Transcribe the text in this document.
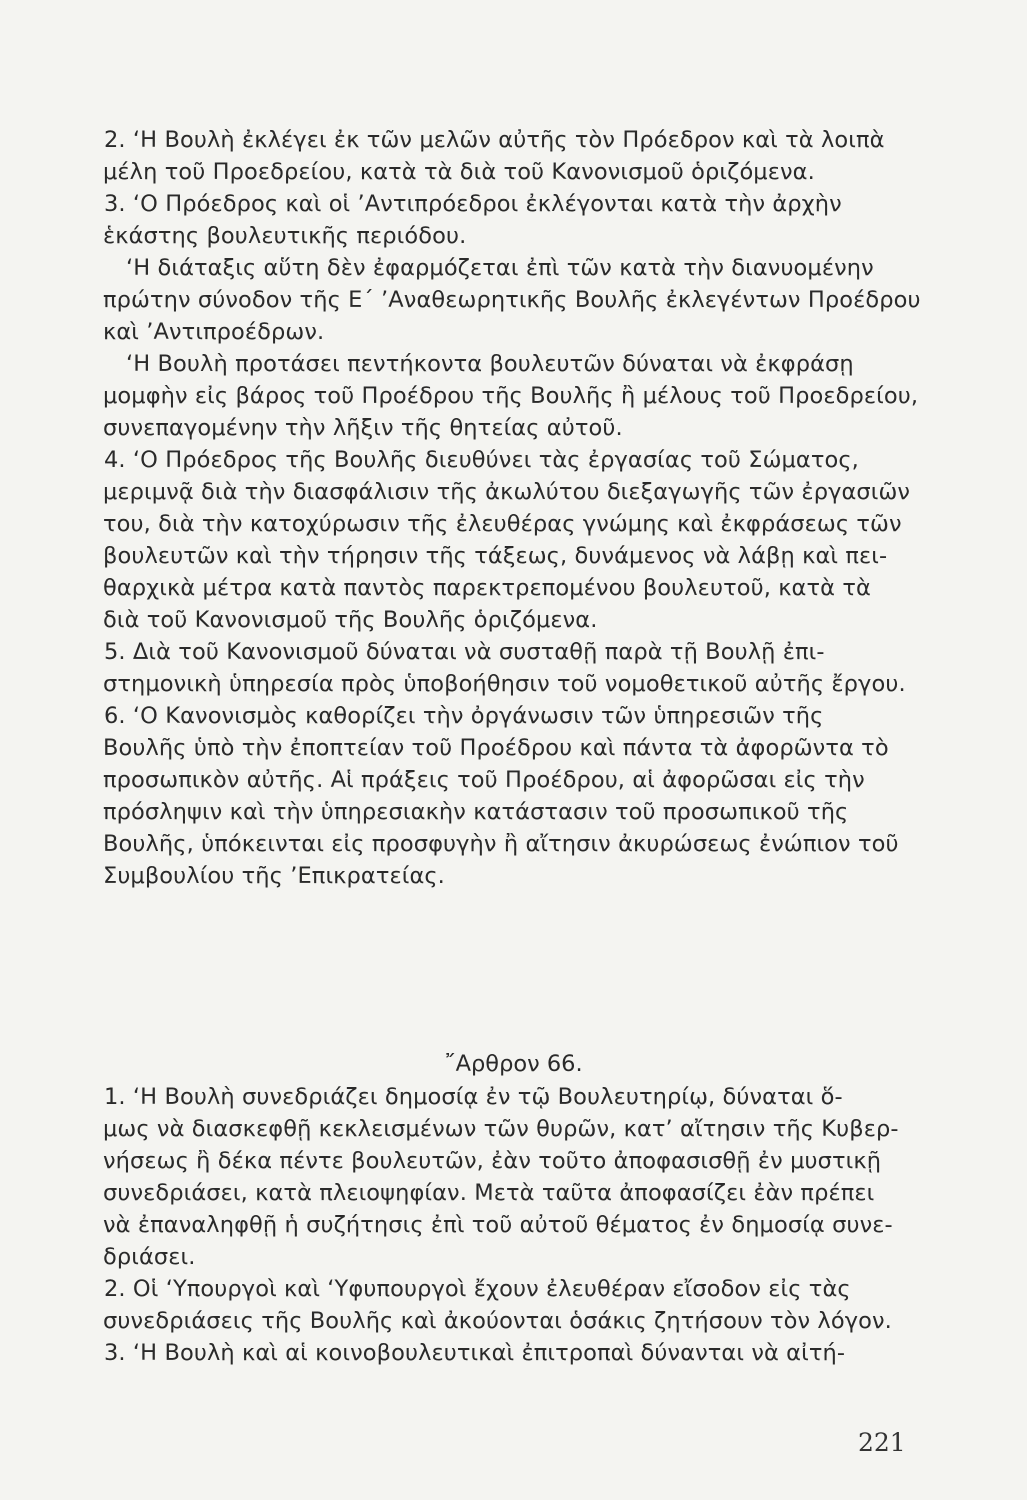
2. ‘Η Βουλὴ ἐκλέγει ἐκ τῶν μελῶν αὐτῆς τὸν Πρόεδρον καὶ τὰ λοιπὰ
μέλη τοῦ Προεδρείου, κατὰ τὰ διὰ τοῦ Κανονισμοῦ ὁριζόμενα.
3. ‘Ο Πρόεδρος καὶ οἱ ’Αντιπρόεδροι ἐκλέγονται κατὰ τὴν ἀρχὴν
ἑκάστης βουλευτικῆς περιόδου.
‘Η διάταξις αὕτη δὲν ἐφαρμόζεται ἐπὶ τῶν κατὰ τὴν διανυομένην
πρώτην σύνοδον τῆς Ε΄ ’Αναθεωρητικῆς Βουλῆς ἐκλεγέντων Προέδρου
καὶ ’Αντιπροέδρων.
‘Η Βουλὴ προτάσει πεντήκοντα βουλευτῶν δύναται νὰ ἐκφράσῃ
μομφὴν εἰς βάρος τοῦ Προέδρου τῆς Βουλῆς ἢ μέλους τοῦ Προεδρείου,
συνεπαγομένην τὴν λῆξιν τῆς θητείας αὐτοῦ.
4. ‘Ο Πρόεδρος τῆς Βουλῆς διευθύνει τὰς ἐργασίας τοῦ Σώματος,
μεριμνᾷ διὰ τὴν διασφάλισιν τῆς ἀκωλύτου διεξαγωγῆς τῶν ἐργασιῶν
του, διὰ τὴν κατοχύρωσιν τῆς ἐλευθέρας γνώμης καὶ ἐκφράσεως τῶν
βουλευτῶν καὶ τὴν τήρησιν τῆς τάξεως, δυνάμενος νὰ λάβῃ καὶ πει-
θαρχικὰ μέτρα κατὰ παντὸς παρεκτρεπομένου βουλευτοῦ, κατὰ τὰ
διὰ τοῦ Κανονισμοῦ τῆς Βουλῆς ὁριζόμενα.
5. Διὰ τοῦ Κανονισμοῦ δύναται νὰ συσταθῇ παρὰ τῇ Βουλῇ ἐπι-
στημονικὴ ὑπηρεσία πρὸς ὑποβοήθησιν τοῦ νομοθετικοῦ αὐτῆς ἔργου.
6. ‘Ο Κανονισμὸς καθορίζει τὴν ὀργάνωσιν τῶν ὑπηρεσιῶν τῆς
Βουλῆς ὑπὸ τὴν ἐποπτείαν τοῦ Προέδρου καὶ πάντα τὰ ἀφορῶντα τὸ
προσωπικὸν αὐτῆς. Αἱ πράξεις τοῦ Προέδρου, αἱ ἀφορῶσαι εἰς τὴν
πρόσληψιν καὶ τὴν ὑπηρεσιακὴν κατάστασιν τοῦ προσωπικοῦ τῆς
Βουλῆς, ὑπόκεινται εἰς προσφυγὴν ἢ αἴτησιν ἀκυρώσεως ἐνώπιον τοῦ
Συμβουλίου τῆς ’Επικρατείας.
῎Αρθρον 66.
1. ‘Η Βουλὴ συνεδριάζει δημοσίᾳ ἐν τῷ Βουλευτηρίῳ, δύναται ὅ-
μως νὰ διασκεφθῇ κεκλεισμένων τῶν θυρῶν, κατ’ αἴτησιν τῆς Κυβερ-
νήσεως ἢ δέκα πέντε βουλευτῶν, ἐὰν τοῦτο ἀποφασισθῇ ἐν μυστικῇ
συνεδριάσει, κατὰ πλειοψηφίαν. Μετὰ ταῦτα ἀποφασίζει ἐὰν πρέπει
νὰ ἐπαναληφθῇ ἡ συζήτησις ἐπὶ τοῦ αὐτοῦ θέματος ἐν δημοσίᾳ συνε-
δριάσει.
2. Οἱ ‘Υπουργοὶ καὶ ‘Υφυπουργοὶ ἔχουν ἐλευθέραν εἴσοδον εἰς τὰς
συνεδριάσεις τῆς Βουλῆς καὶ ἀκούονται ὁσάκις ζητήσουν τὸν λόγον.
3. ‘Η Βουλὴ καὶ αἱ κοινοβουλευτικαὶ ἐπιτροπαὶ δύνανται νὰ αἰτή-
221
